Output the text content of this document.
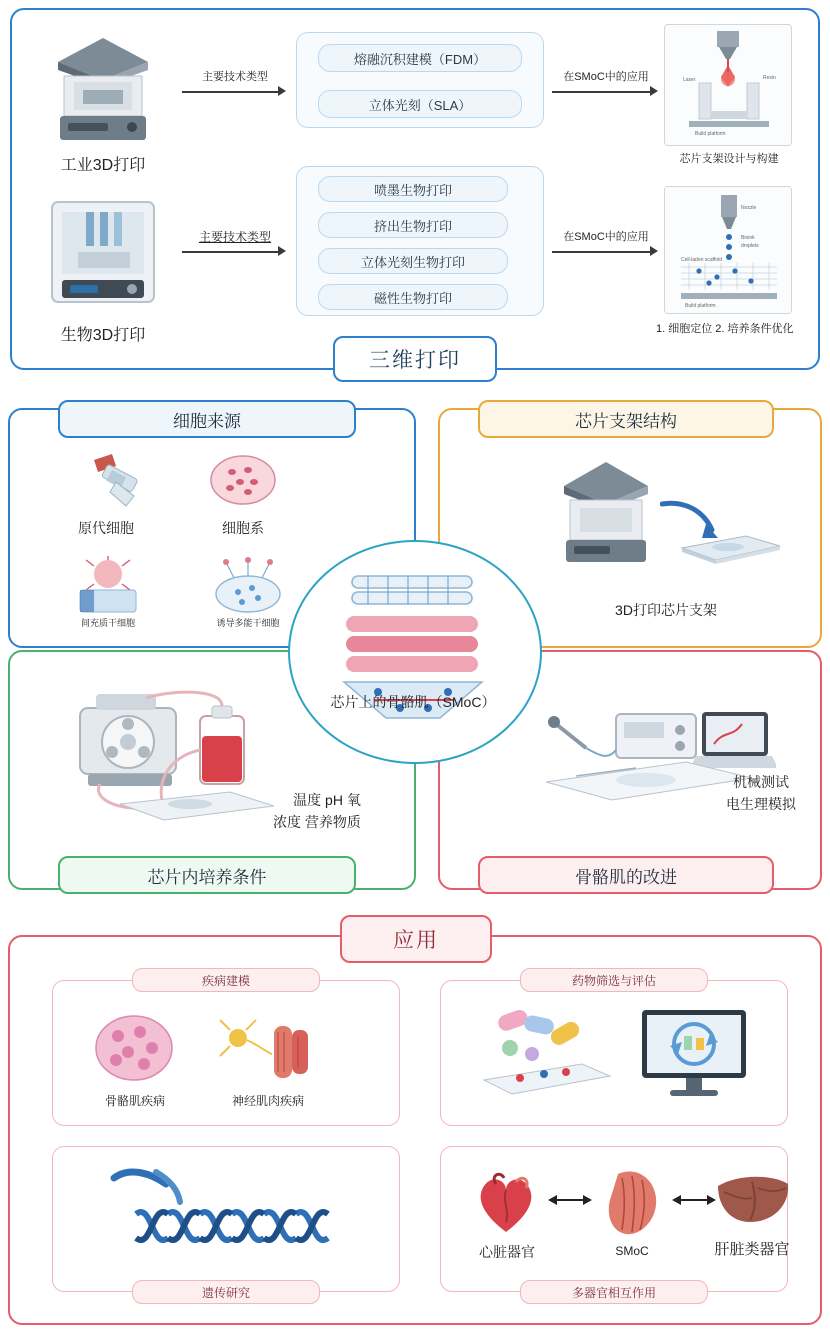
三维打印
工业3D打印
主要技术类型
熔融沉积建模（FDM）
立体光刻（SLA）
在SMoC中的应用	Laser	Resin
Build platform
芯片支架设计与构建
生物3D打印
主要技术类型
喷墨生物打印
挤出生物打印
立体光刻生物打印
磁性生物打印
在SMoC中的应用
Nozzle
Bioink
droplets
Cell-laden scaffold
Build platform
1. 细胞定位 2. 培养条件优化
细胞来源	芯片支架结构
芯片内培养条件	骨骼肌的改进
原代细胞	细胞系
间充质干细胞	诱导多能干细胞
3D打印芯片支架
温度 pH 氧
浓度 营养物质
机械测试
电生理模拟
芯片上的骨骼肌（SMoC）
应用
疾病建模
骨骼肌疾病	神经肌肉疾病
药物筛选与评估
遗传研究	多器官相互作用
心脏器官	SMoC	肝脏类器官
